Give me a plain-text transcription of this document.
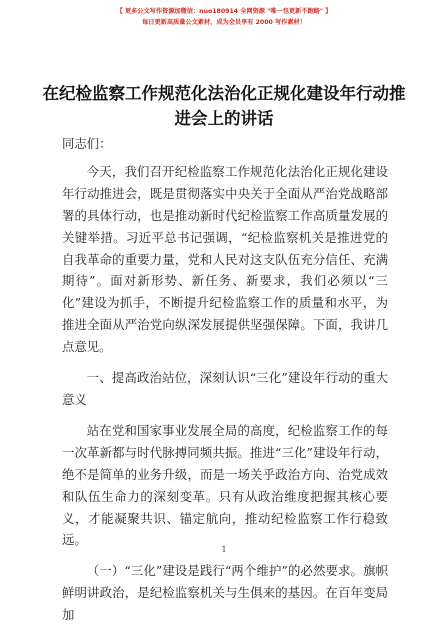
【 更多公文写作资源加微信：nuo180914 全网资源 "唯一包更新不跑路" 】
每日更新高质量公文素材，成为会员享有 2000 写作素材！
在纪检监察工作规范化法治化正规化建设年行动推进会上的讲话

同志们：

今天，我们召开纪检监察工作规范化法治化正规化建设年行动推进会，既是贯彻落实中央关于全面从严治党战略部署的具体行动，也是推动新时代纪检监察工作高质量发展的关键举措。习近平总书记强调，“纪检监察机关是推进党的自我革命的重要力量，党和人民对这支队伍充分信任、充满期待”。面对新形势、新任务、新要求，我们必须以“三化”建设为抓手，不断提升纪检监察工作的质量和水平，为推进全面从严治党向纵深发展提供坚强保障。下面，我讲几点意见。

一、提高政治站位，深刻认识“三化”建设年行动的重大意义

站在党和国家事业发展全局的高度，纪检监察工作的每一次革新都与时代脉搏同频共振。推进“三化”建设年行动，绝不是简单的业务升级，而是一场关乎政治方向、治党成效和队伍生命力的深刻变革。只有从政治维度把握其核心要义，才能凝聚共识、锚定航向，推动纪检监察工作行稳致远。

（一）“三化”建设是践行“两个维护”的必然要求。旗帜鲜明讲政治，是纪检监察机关与生俱来的基因。在百年变局加

1
